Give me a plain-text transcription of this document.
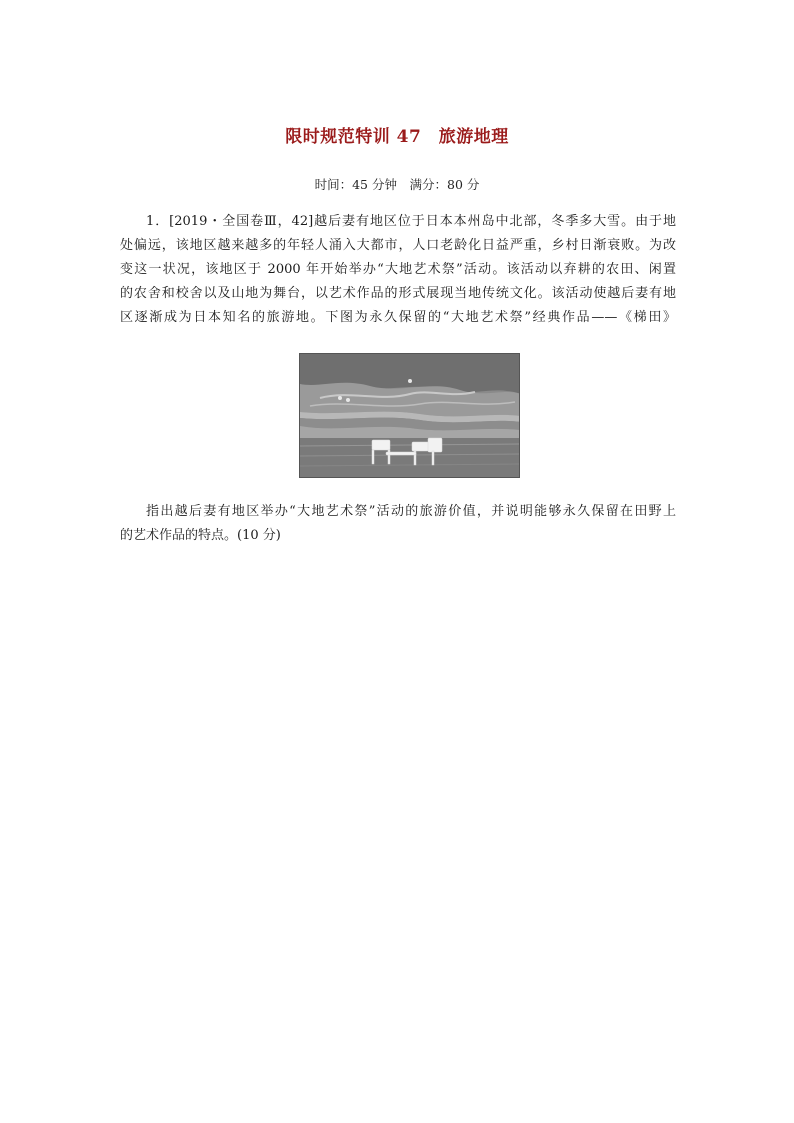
限时规范特训 47　旅游地理
时间：45 分钟　满分：80 分
1．[2019・全国卷Ⅲ，42]越后妻有地区位于日本本州岛中北部，冬季多大雪。由于地
处偏远，该地区越来越多的年轻人涌入大都市，人口老龄化日益严重，乡村日渐衰败。为改
变这一状况，该地区于 2000 年开始举办“大地艺术祭”活动。该活动以弃耕的农田、闲置
的农舍和校舍以及山地为舞台，以艺术作品的形式展现当地传统文化。该活动使越后妻有地
区逐渐成为日本知名的旅游地。下图为永久保留的“大地艺术祭”经典作品——《梯田》
指出越后妻有地区举办“大地艺术祭”活动的旅游价值，并说明能够永久保留在田野上
的艺术作品的特点。(10 分)
